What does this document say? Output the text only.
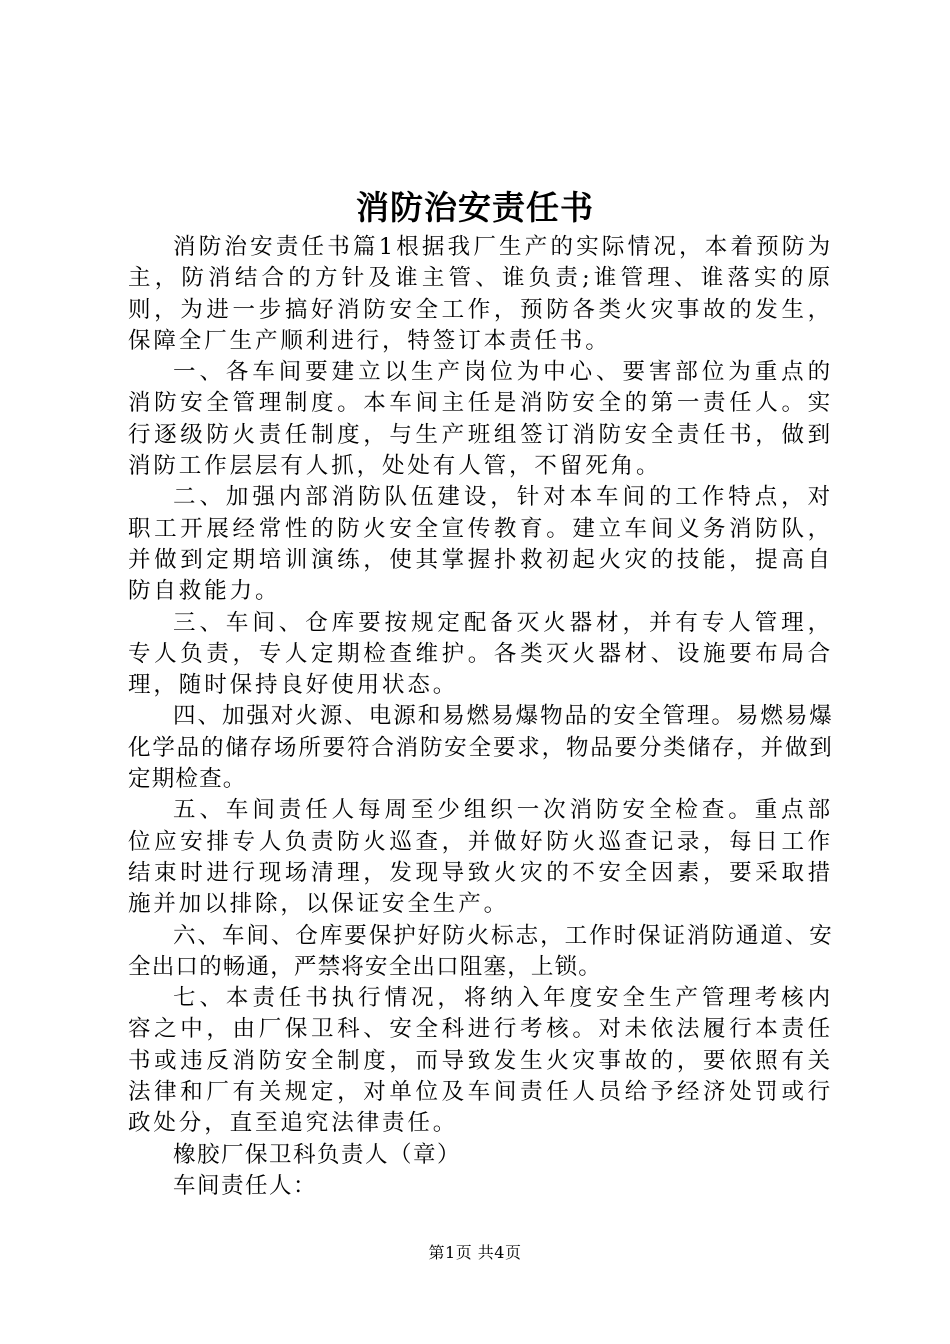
消防治安责任书

消防治安责任书篇1根据我厂生产的实际情况，本着预防为主，防消结合的方针及谁主管、谁负责;谁管理、谁落实的原则，为进一步搞好消防安全工作，预防各类火灾事故的发生，保障全厂生产顺利进行，特签订本责任书。

一、各车间要建立以生产岗位为中心、要害部位为重点的消防安全管理制度。本车间主任是消防安全的第一责任人。实行逐级防火责任制度，与生产班组签订消防安全责任书，做到消防工作层层有人抓，处处有人管，不留死角。

二、加强内部消防队伍建设，针对本车间的工作特点，对职工开展经常性的防火安全宣传教育。建立车间义务消防队，并做到定期培训演练，使其掌握扑救初起火灾的技能，提高自防自救能力。

三、车间、仓库要按规定配备灭火器材，并有专人管理，专人负责，专人定期检查维护。各类灭火器材、设施要布局合理，随时保持良好使用状态。

四、加强对火源、电源和易燃易爆物品的安全管理。易燃易爆化学品的储存场所要符合消防安全要求，物品要分类储存，并做到定期检查。

五、车间责任人每周至少组织一次消防安全检查。重点部位应安排专人负责防火巡查，并做好防火巡查记录，每日工作结束时进行现场清理，发现导致火灾的不安全因素，要采取措施并加以排除，以保证安全生产。

六、车间、仓库要保护好防火标志，工作时保证消防通道、安全出口的畅通，严禁将安全出口阻塞，上锁。

七、本责任书执行情况，将纳入年度安全生产管理考核内容之中，由厂保卫科、安全科进行考核。对未依法履行本责任书或违反消防安全制度，而导致发生火灾事故的，要依照有关法律和厂有关规定，对单位及车间责任人员给予经济处罚或行政处分，直至追究法律责任。

橡胶厂保卫科负责人（章）

车间责任人：

第1页 共4页
